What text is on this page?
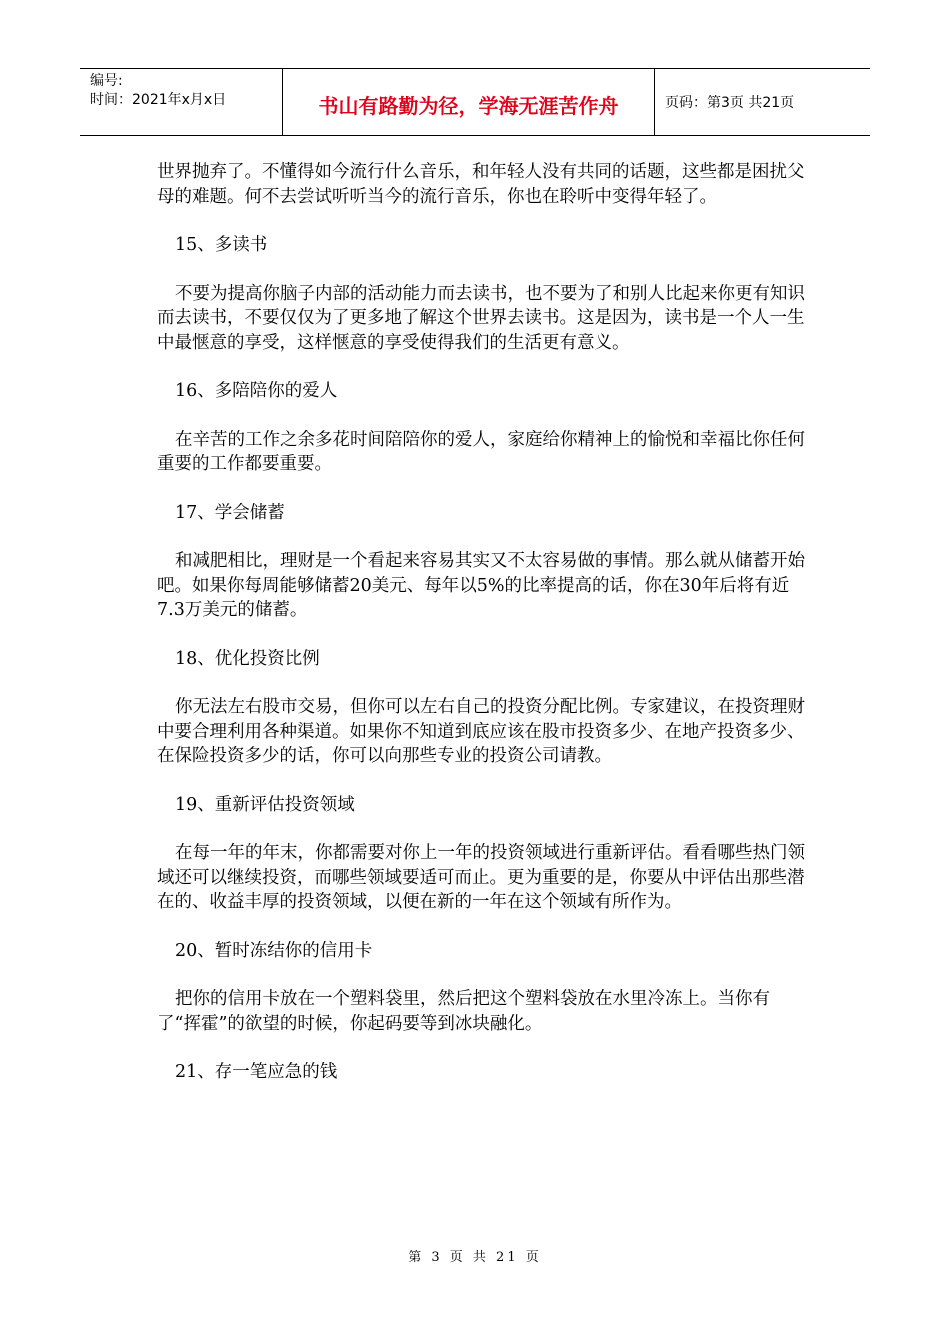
编号:
时间：2021年x月x日	书山有路勤为径，学海无涯苦作舟	页码：第3页 共21页

世界抛弃了。不懂得如今流行什么音乐，和年轻人没有共同的话题，这些都是困扰父母的难题。何不去尝试听听当今的流行音乐，你也在聆听中变得年轻了。

15、多读书

不要为提高你脑子内部的活动能力而去读书，也不要为了和别人比起来你更有知识而去读书，不要仅仅为了更多地了解这个世界去读书。这是因为，读书是一个人一生中最惬意的享受，这样惬意的享受使得我们的生活更有意义。

16、多陪陪你的爱人

在辛苦的工作之余多花时间陪陪你的爱人，家庭给你精神上的愉悦和幸福比你任何重要的工作都要重要。

17、学会储蓄

和减肥相比，理财是一个看起来容易其实又不太容易做的事情。那么就从储蓄开始吧。如果你每周能够储蓄20美元、每年以5%的比率提高的话，你在30年后将有近7.3万美元的储蓄。

18、优化投资比例

你无法左右股市交易，但你可以左右自己的投资分配比例。专家建议，在投资理财中要合理利用各种渠道。如果你不知道到底应该在股市投资多少、在地产投资多少、在保险投资多少的话，你可以向那些专业的投资公司请教。

19、重新评估投资领域

在每一年的年末，你都需要对你上一年的投资领域进行重新评估。看看哪些热门领域还可以继续投资，而哪些领域要适可而止。更为重要的是，你要从中评估出那些潜在的、收益丰厚的投资领域，以便在新的一年在这个领域有所作为。

20、暂时冻结你的信用卡

把你的信用卡放在一个塑料袋里，然后把这个塑料袋放在水里冷冻上。当你有了“挥霍”的欲望的时候，你起码要等到冰块融化。

21、存一笔应急的钱

第 3 页 共 21 页
